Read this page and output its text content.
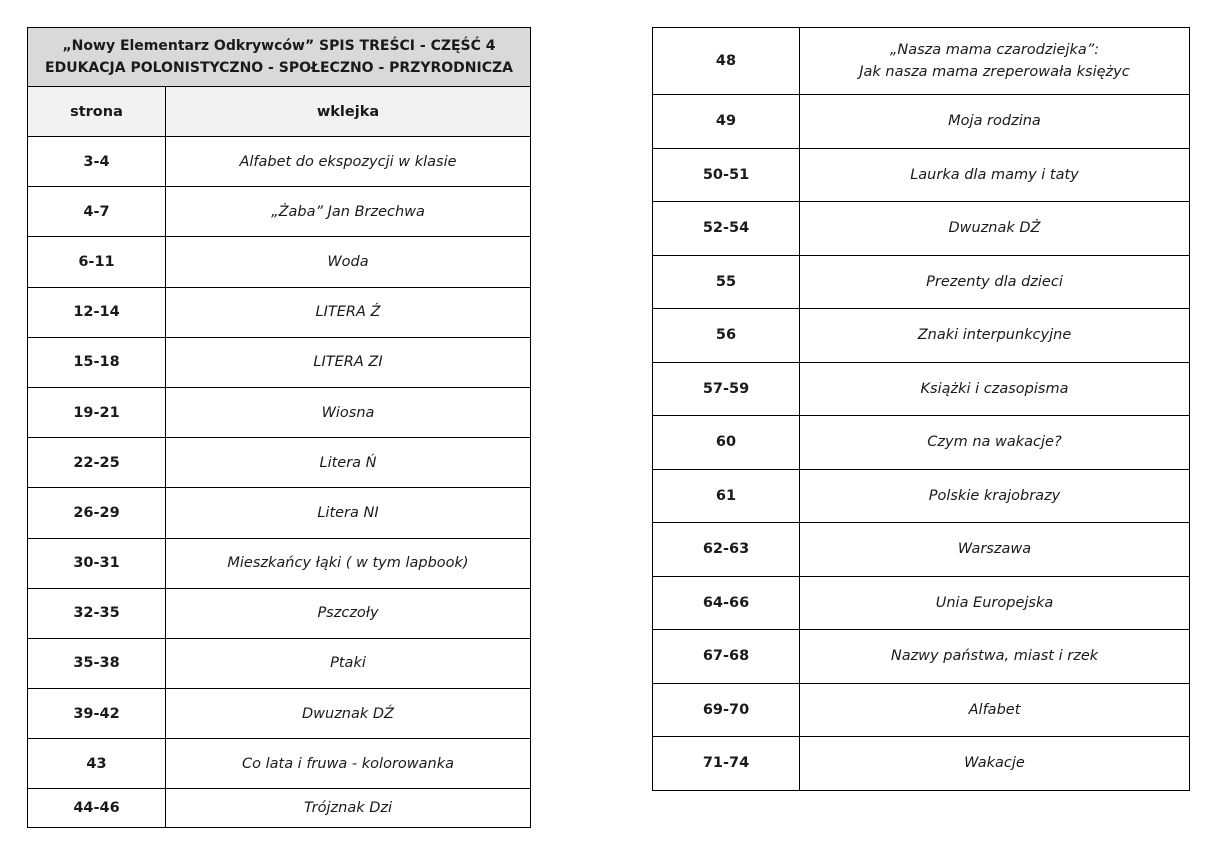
„Nowy Elementarz Odkrywców” SPIS TREŚCI - CZĘŚĆ 4
EDUKACJA POLONISTYCZNO - SPOŁECZNO - PRZYRODNICZA	
strona	wklejka
3-4	Alfabet do ekspozycji w klasie
4-7	„Żaba” Jan Brzechwa
6-11	Woda
12-14	LITERA Ź
15-18	LITERA ZI
19-21	Wiosna
22-25	Litera Ń
26-29	Litera NI
30-31	Mieszkańcy łąki ( w tym lapbook)
32-35	Pszczoły
35-38	Ptaki
39-42	Dwuznak DŹ
43	Co lata i fruwa - kolorowanka
44-46	Trójznak Dzi
48	„Nasza mama czarodziejka”:
Jak nasza mama zreperowała księżyc
49	Moja rodzina
50-51	Laurka dla mamy i taty
52-54	Dwuznak DŻ
55	Prezenty dla dzieci
56	Znaki interpunkcyjne
57-59	Książki i czasopisma
60	Czym na wakacje?
61	Polskie krajobrazy
62-63	Warszawa
64-66	Unia Europejska
67-68	Nazwy państwa, miast i rzek
69-70	Alfabet
71-74	Wakacje
